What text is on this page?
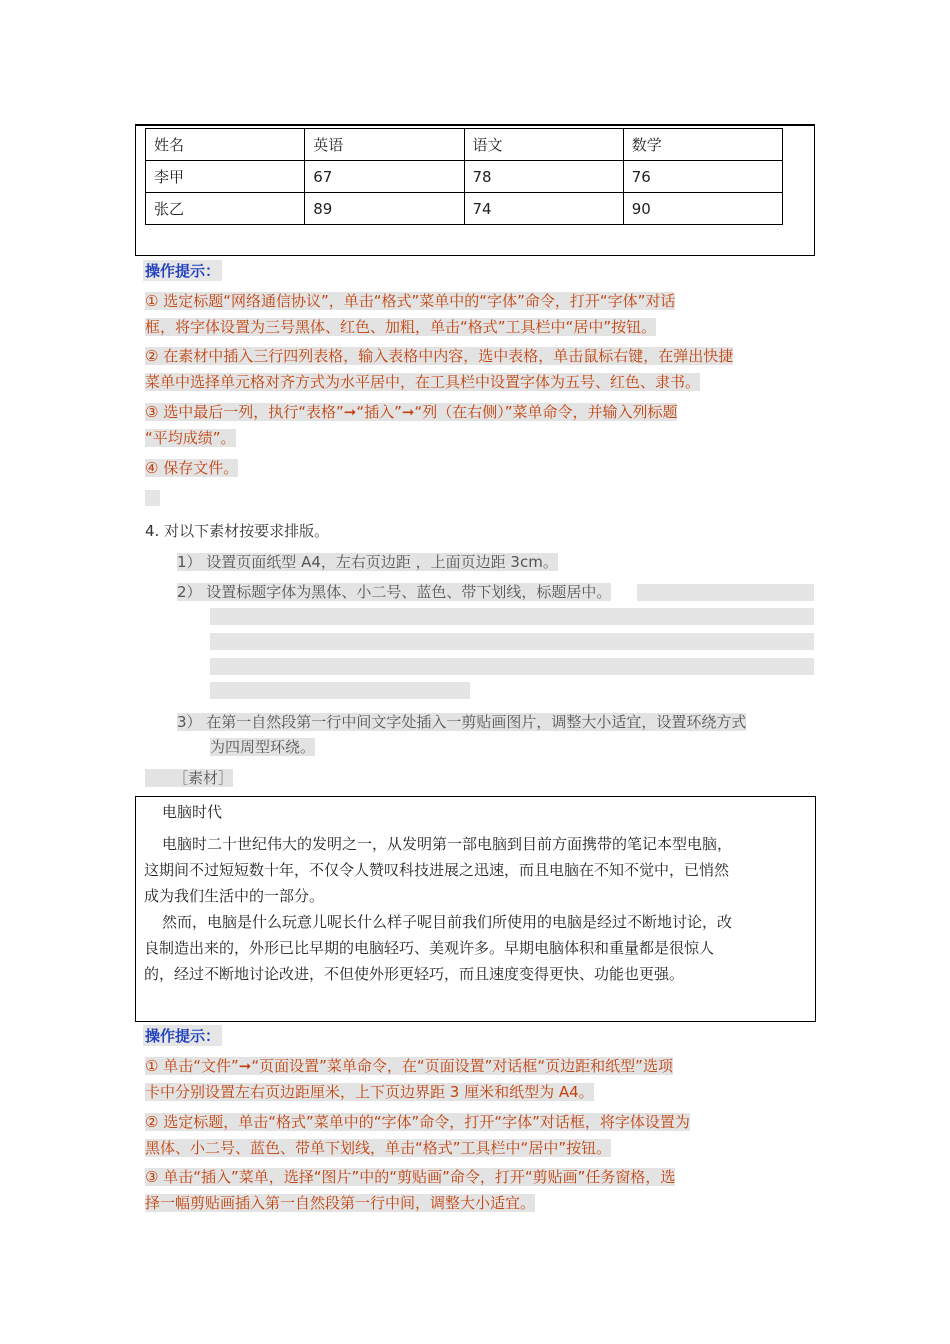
姓名	英语	语文	数学
李甲	67	78	76
张乙	89	74	90
操作提示：
① 选定标题“网络通信协议”，单击“格式”菜单中的“字体”命令，打开“字体”对话
框，将字体设置为三号黑体、红色、加粗，单击“格式”工具栏中“居中”按钮。
② 在素材中插入三行四列表格，输入表格中内容，选中表格，单击鼠标右键，在弹出快捷
菜单中选择单元格对齐方式为水平居中，在工具栏中设置字体为五号、红色、隶书。
③ 选中最后一列，执行“表格”➞“插入”➞“列（在右侧）”菜单命令，并输入列标题
“平均成绩”。
④ 保存文件。
4. 对以下素材按要求排版。
1） 设置页面纸型 A4，左右页边距 ，上面页边距 3cm。
2） 设置标题字体为黑体、小二号、蓝色、带下划线，标题居中。
3） 在第一自然段第一行中间文字处插入一剪贴画图片，调整大小适宜，设置环绕方式
为四周型环绕。
［素材］
电脑时代
电脑时二十世纪伟大的发明之一，从发明第一部电脑到目前方面携带的笔记本型电脑，
这期间不过短短数十年，不仅令人赞叹科技进展之迅速，而且电脑在不知不觉中，已悄然
成为我们生活中的一部分。
然而，电脑是什么玩意儿呢长什么样子呢目前我们所使用的电脑是经过不断地讨论，改
良制造出来的，外形已比早期的电脑轻巧、美观许多。早期电脑体积和重量都是很惊人
的，经过不断地讨论改进，不但使外形更轻巧，而且速度变得更快、功能也更强。
操作提示：
① 单击“文件”➞“页面设置”菜单命令，在“页面设置”对话框“页边距和纸型”选项
卡中分别设置左右页边距厘米，上下页边界距 3 厘米和纸型为 A4。
② 选定标题，单击“格式”菜单中的“字体”命令，打开“字体”对话框，将字体设置为
黑体、小二号、蓝色、带单下划线，单击“格式”工具栏中“居中”按钮。
③ 单击“插入”菜单，选择“图片”中的“剪贴画”命令，打开“剪贴画”任务窗格，选
择一幅剪贴画插入第一自然段第一行中间，调整大小适宜。
